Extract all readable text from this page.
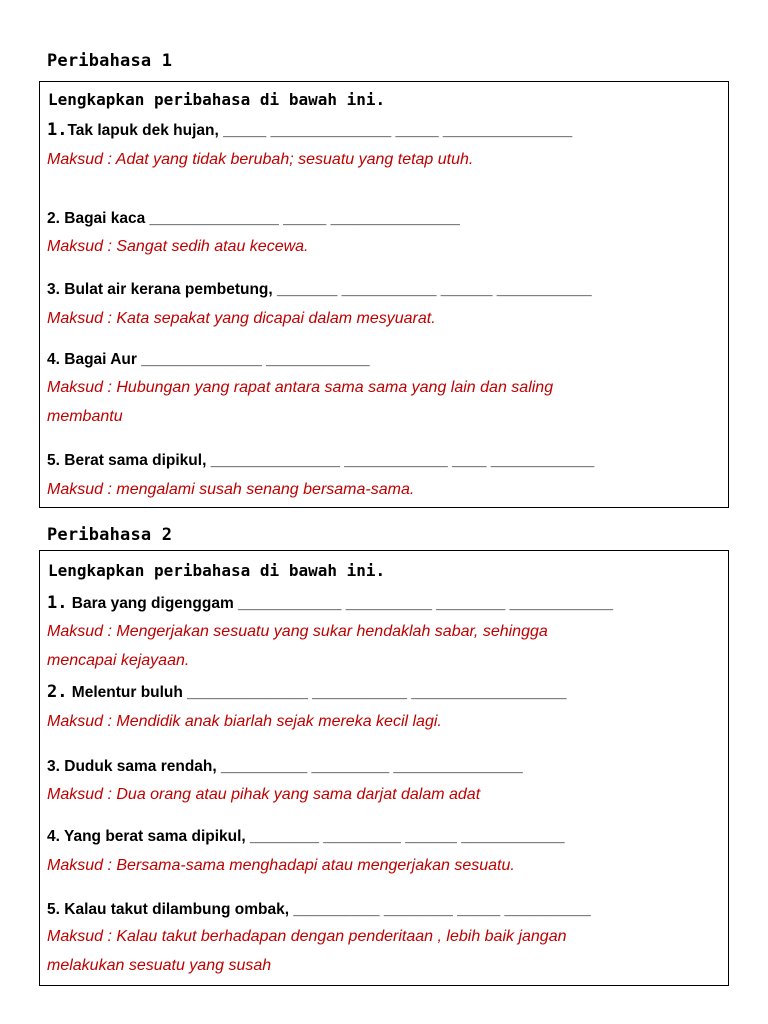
Peribahasa 1
Lengkapkan peribahasa di bawah ini.
1.Tak lapuk dek hujan, _____ ______________ _____ _______________
Maksud : Adat yang tidak berubah; sesuatu yang tetap utuh.
2. Bagai kaca _______________ _____ _______________
Maksud : Sangat sedih atau kecewa.
3. Bulat air kerana pembetung, _______ ___________ ______ ___________
Maksud : Kata sepakat yang dicapai dalam mesyuarat.
4. Bagai Aur ______________ ____________
Maksud : Hubungan yang rapat antara sama sama yang lain dan saling
membantu
5. Berat sama dipikul, _______________ ____________ ____ ____________
Maksud : mengalami susah senang bersama-sama.
Peribahasa 2
Lengkapkan peribahasa di bawah ini.
1. Bara yang digenggam ____________ __________ ________ ____________
Maksud : Mengerjakan sesuatu yang sukar hendaklah sabar, sehingga
mencapai kejayaan.
2. Melentur buluh ______________ ___________ __________________
Maksud : Mendidik anak biarlah sejak mereka kecil lagi.
3. Duduk sama rendah, __________ _________ _______________
Maksud : Dua orang atau pihak yang sama darjat dalam adat
4. Yang berat sama dipikul, ________ _________ ______ ____________
Maksud : Bersama-sama menghadapi atau mengerjakan sesuatu.
5. Kalau takut dilambung ombak, __________ ________ _____ __________
Maksud : Kalau takut berhadapan dengan penderitaan , lebih baik jangan
melakukan sesuatu yang susah
